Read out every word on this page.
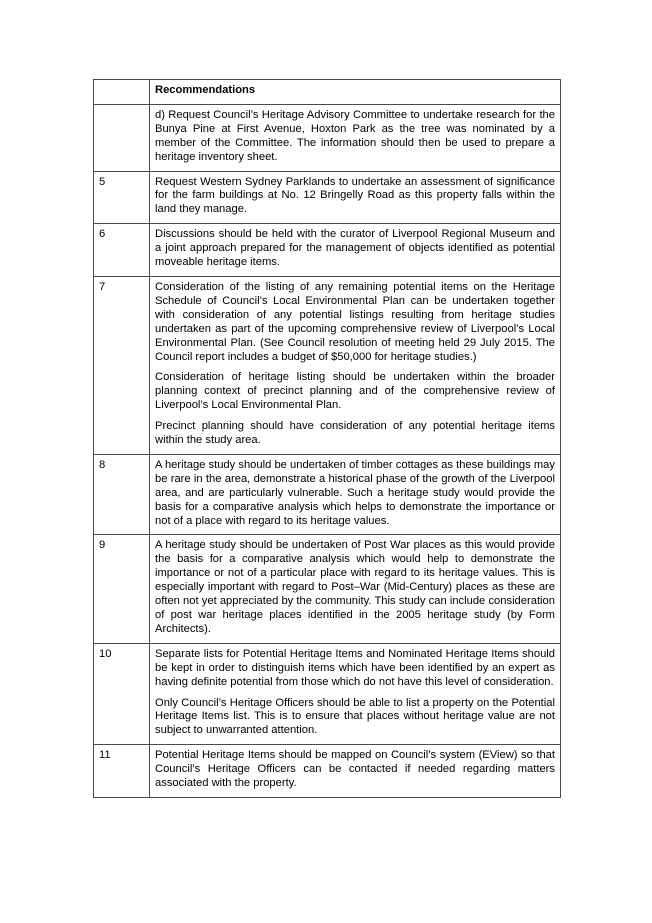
	Recommendations

	d) Request Council’s Heritage Advisory Committee to undertake research for the Bunya Pine at First Avenue, Hoxton Park as the tree was nominated by a member of the Committee. The information should then be used to prepare a heritage inventory sheet.

5	Request Western Sydney Parklands to undertake an assessment of significance for the farm buildings at No. 12 Bringelly Road as this property falls within the land they manage.

6	Discussions should be held with the curator of Liverpool Regional Museum and a joint approach prepared for the management of objects identified as potential moveable heritage items.

7	Consideration of the listing of any remaining potential items on the Heritage Schedule of Council’s Local Environmental Plan can be undertaken together with consideration of any potential listings resulting from heritage studies undertaken as part of the upcoming comprehensive review of Liverpool’s Local Environmental Plan. (See Council resolution of meeting held 29 July 2015. The Council report includes a budget of $50,000 for heritage studies.)

Consideration of heritage listing should be undertaken within the broader planning context of precinct planning and of the comprehensive review of Liverpool’s Local Environmental Plan.

Precinct planning should have consideration of any potential heritage items within the study area.

8	A heritage study should be undertaken of timber cottages as these buildings may be rare in the area, demonstrate a historical phase of the growth of the Liverpool area, and are particularly vulnerable. Such a heritage study would provide the basis for a comparative analysis which helps to demonstrate the importance or not of a place with regard to its heritage values.

9	A heritage study should be undertaken of Post War places as this would provide the basis for a comparative analysis which would help to demonstrate the importance or not of a particular place with regard to its heritage values. This is especially important with regard to Post–War (Mid-Century) places as these are often not yet appreciated by the community. This study can include consideration of post war heritage places identified in the 2005 heritage study (by Form Architects).

10	Separate lists for Potential Heritage Items and Nominated Heritage Items should be kept in order to distinguish items which have been identified by an expert as having definite potential from those which do not have this level of consideration.

Only Council’s Heritage Officers should be able to list a property on the Potential Heritage Items list. This is to ensure that places without heritage value are not subject to unwarranted attention.

11	Potential Heritage Items should be mapped on Council’s system (EView) so that Council’s Heritage Officers can be contacted if needed regarding matters associated with the property.
